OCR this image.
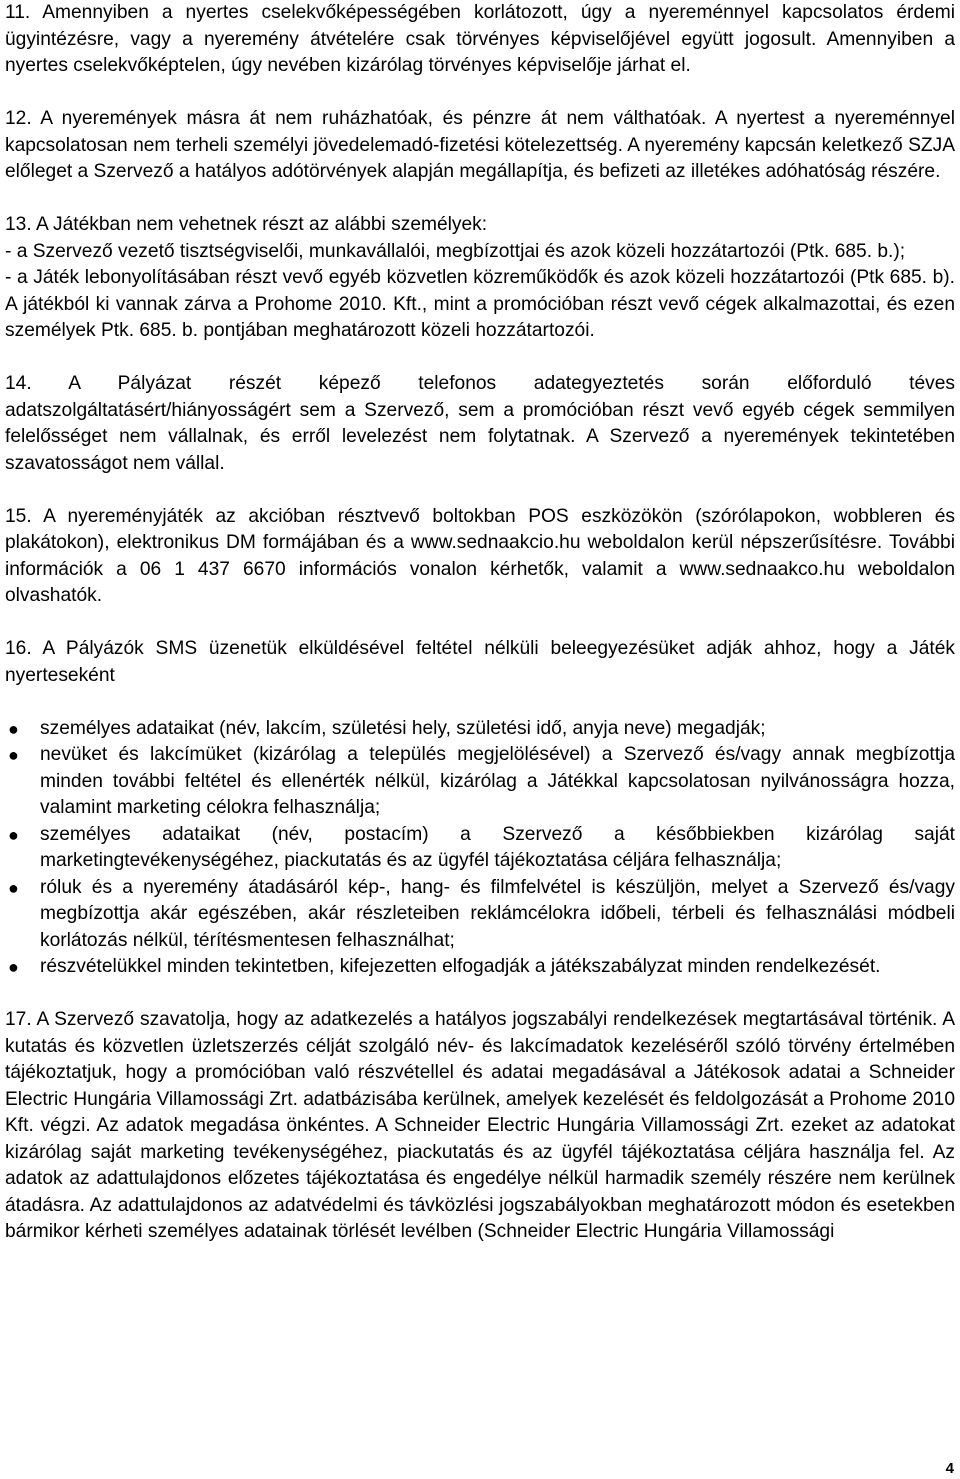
11. Amennyiben a nyertes cselekvőképességében korlátozott, úgy a nyereménnyel kapcsolatos érdemi ügyintézésre, vagy a nyeremény átvételére csak törvényes képviselőjével együtt jogosult. Amennyiben a nyertes cselekvőképtelen, úgy nevében kizárólag törvényes képviselője járhat el.

12. A nyeremények másra át nem ruházhatóak, és pénzre át nem válthatóak. A nyertest a nyereménnyel kapcsolatosan nem terheli személyi jövedelemadó-fizetési kötelezettség. A nyeremény kapcsán keletkező SZJA előleget a Szervező a hatályos adótörvények alapján megállapítja, és befizeti az illetékes adóhatóság részére.

13. A Játékban nem vehetnek részt az alábbi személyek:

- a Szervező vezető tisztségviselői, munkavállalói, megbízottjai és azok közeli hozzátartozói (Ptk. 685. b.);

- a Játék lebonyolításában részt vevő egyéb közvetlen közreműködők és azok közeli hozzátartozói (Ptk 685. b). A játékból ki vannak zárva a Prohome 2010. Kft., mint a promócióban részt vevő cégek alkalmazottai, és ezen személyek Ptk. 685. b. pontjában meghatározott közeli hozzátartozói.

14. A Pályázat részét képező telefonos adategyeztetés során előforduló téves adatszolgáltatásért/hiányosságért sem a Szervező, sem a promócióban részt vevő egyéb cégek semmilyen felelősséget nem vállalnak, és erről levelezést nem folytatnak. A Szervező a nyeremények tekintetében szavatosságot nem vállal.

15. A nyereményjáték az akcióban résztvevő boltokban POS eszközökön (szórólapokon, wobbleren és plakátokon), elektronikus DM formájában és a www.sednaakcio.hu weboldalon kerül népszerűsítésre. További információk a 06 1 437 6670 információs vonalon kérhetők, valamit a www.sednaakco.hu weboldalon olvashatók.

16. A Pályázók SMS üzenetük elküldésével feltétel nélküli beleegyezésüket adják ahhoz, hogy a Játék nyerteseként

● személyes adataikat (név, lakcím, születési hely, születési idő, anyja neve) megadják;
● nevüket és lakcímüket (kizárólag a település megjelölésével) a Szervező és/vagy annak megbízottja minden további feltétel és ellenérték nélkül, kizárólag a Játékkal kapcsolatosan nyilvánosságra hozza, valamint marketing célokra felhasználja;
● személyes adataikat (név, postacím) a Szervező a későbbiekben kizárólag saját marketingtevékenységéhez, piackutatás és az ügyfél tájékoztatása céljára felhasználja;
● róluk és a nyeremény átadásáról kép-, hang- és filmfelvétel is készüljön, melyet a Szervező és/vagy megbízottja akár egészében, akár részleteiben reklámcélokra időbeli, térbeli és felhasználási módbeli korlátozás nélkül, térítésmentesen felhasználhat;
● részvételükkel minden tekintetben, kifejezetten elfogadják a játékszabályzat minden rendelkezését.

17. A Szervező szavatolja, hogy az adatkezelés a hatályos jogszabályi rendelkezések megtartásával történik. A kutatás és közvetlen üzletszerzés célját szolgáló név- és lakcímadatok kezeléséről szóló törvény értelmében tájékoztatjuk, hogy a promócióban való részvétellel és adatai megadásával a Játékosok adatai a Schneider Electric Hungária Villamossági Zrt. adatbázisába kerülnek, amelyek kezelését és feldolgozását a Prohome 2010 Kft. végzi. Az adatok megadása önkéntes. A Schneider Electric Hungária Villamossági Zrt. ezeket az adatokat kizárólag saját marketing tevékenységéhez, piackutatás és az ügyfél tájékoztatása céljára használja fel. Az adatok az adattulajdonos előzetes tájékoztatása és engedélye nélkül harmadik személy részére nem kerülnek átadásra. Az adattulajdonos az adatvédelmi és távközlési jogszabályokban meghatározott módon és esetekben bármikor kérheti személyes adatainak törlését levélben (Schneider Electric Hungária Villamossági

4
